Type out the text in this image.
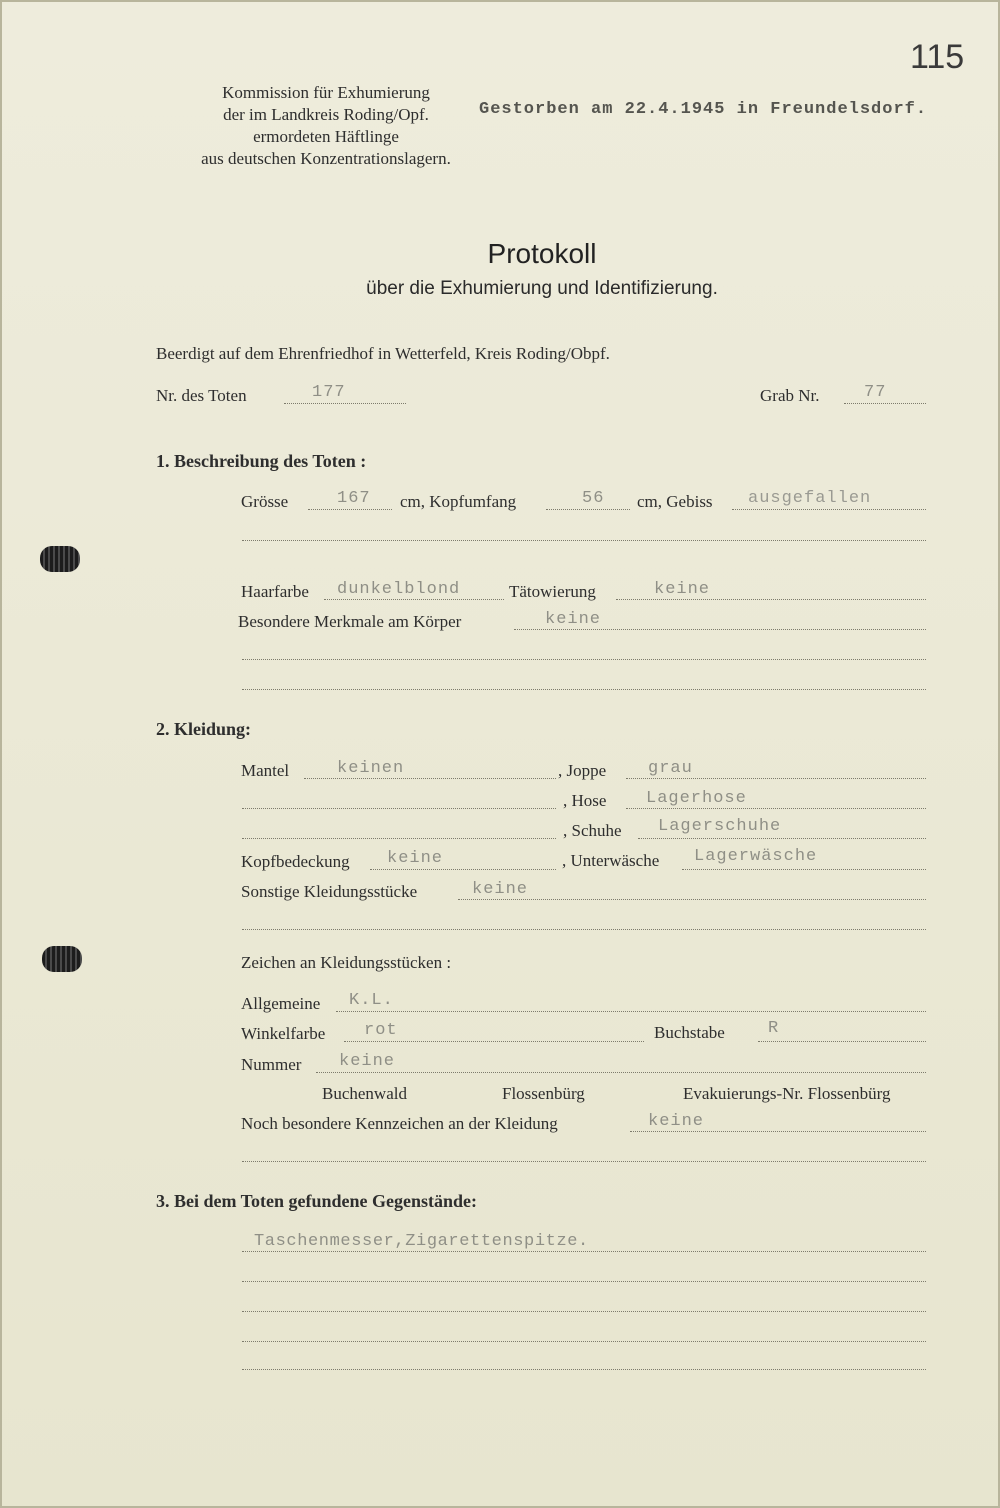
115
Kommission für Exhumierung
der im Landkreis Roding/Opf.
ermordeten Häftlinge
aus deutschen Konzentrationslagern.
Gestorben am 22.4.1945 in Freundelsdorf.
Protokoll
über die Exhumierung und Identifizierung.
Beerdigt auf dem Ehrenfriedhof in Wetterfeld, Kreis Roding/Obpf.
Nr. des Toten	177	Grab Nr.	77
1. Beschreibung des Toten :
Grösse	167 cm, Kopfumfang	56 cm, Gebiss ausgefallen
Haarfarbe dunkelblond	Tätowierung	keine
Besondere Merkmale am Körper	keine
2. Kleidung:
Mantel	keinen	, Joppe grau
, Hose Lagerhose
, Schuhe Lagerschuhe
Kopfbedeckung keine	, Unterwäsche Lagerwäsche
Sonstige Kleidungsstücke	keine
Zeichen an Kleidungsstücken :
Allgemeine K.L.
Winkelfarbe rot	Buchstabe	R
Nummer keine
Buchenwald	Flossenbürg	Evakuierungs-Nr. Flossenbürg
Noch besondere Kennzeichen an der Kleidung	keine
3. Bei dem Toten gefundene Gegenstände:
Taschenmesser,Zigarettenspitze.
